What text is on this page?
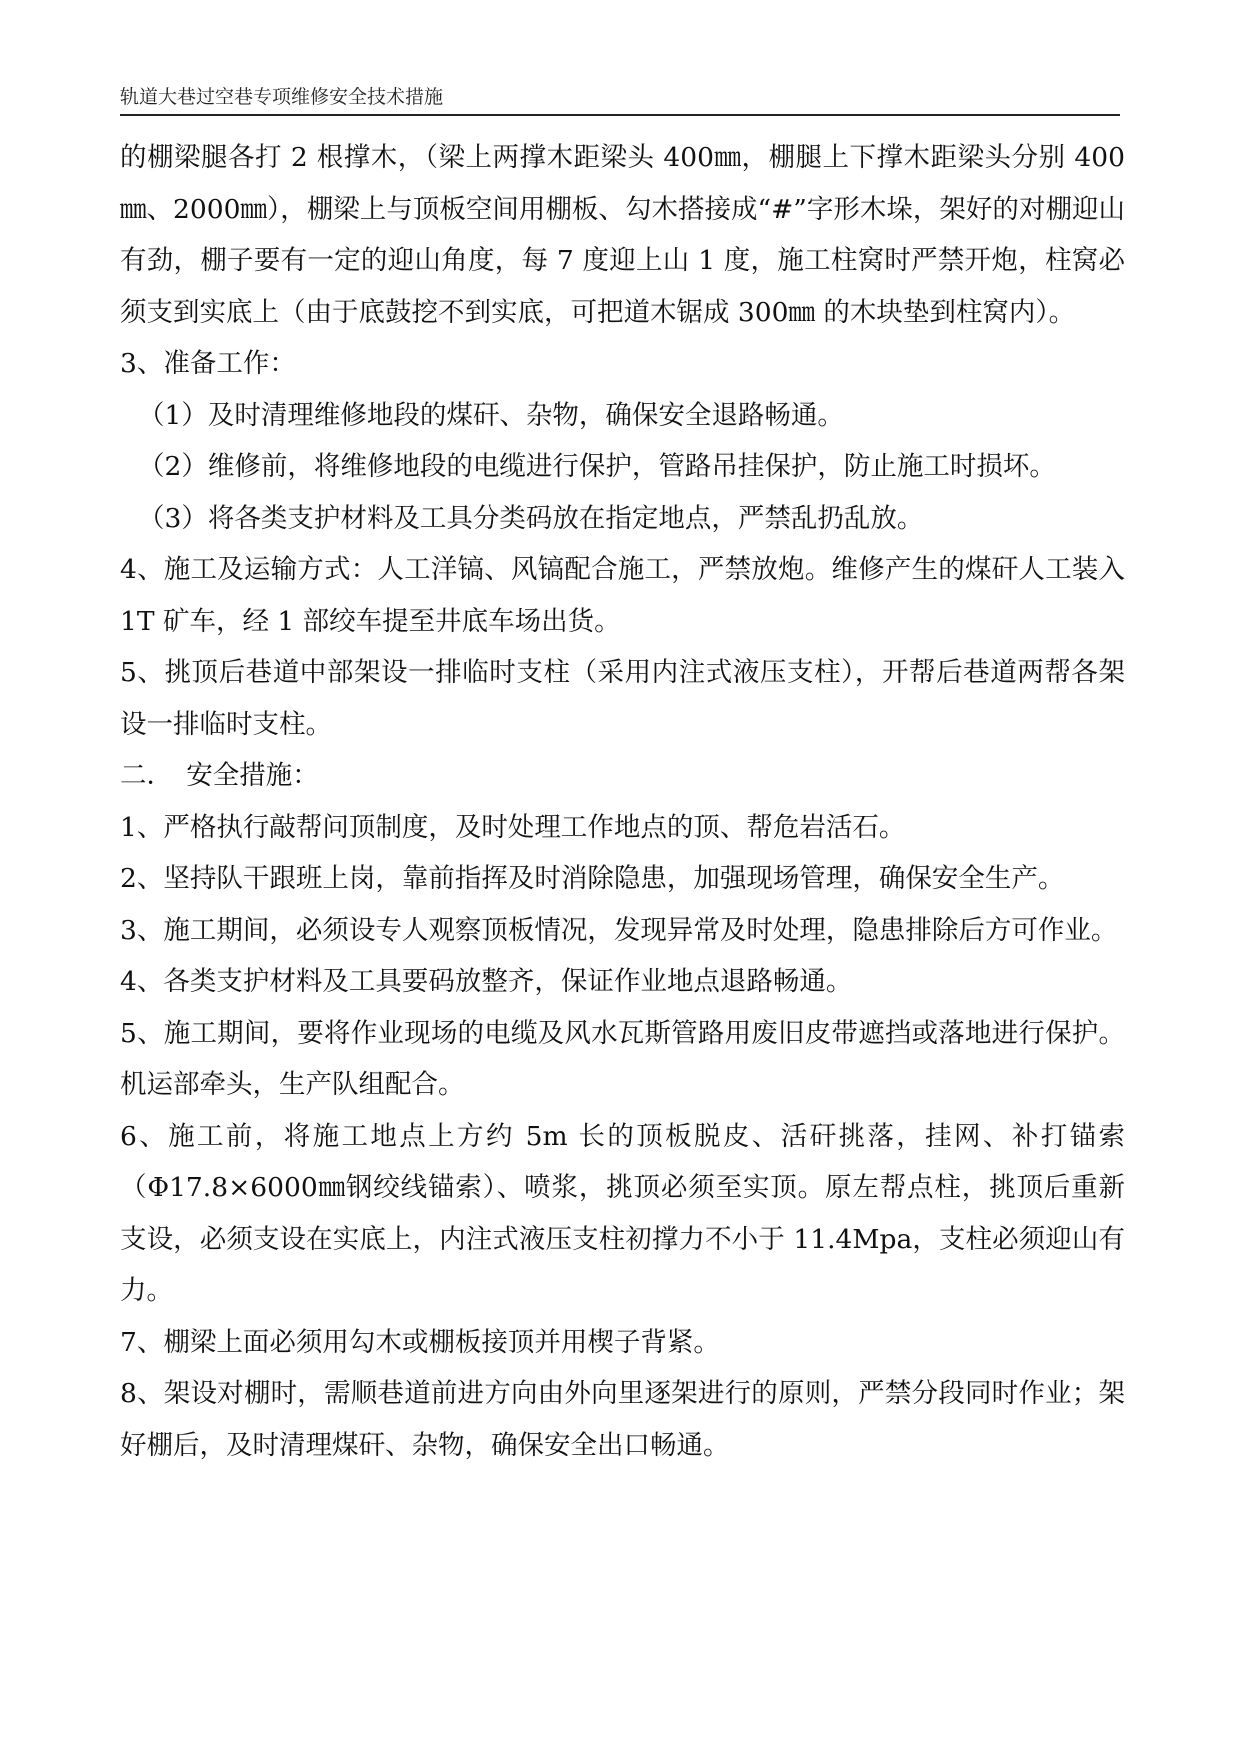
轨道大巷过空巷专项维修安全技术措施

的棚梁腿各打 2 根撑木，（梁上两撑木距梁头 400㎜，棚腿上下撑木距梁头分别 400㎜、2000㎜），棚梁上与顶板空间用棚板、勾木搭接成“#”字形木垛，架好的对棚迎山有劲，棚子要有一定的迎山角度，每 7 度迎上山 1 度，施工柱窝时严禁开炮，柱窝必须支到实底上（由于底鼓挖不到实底，可把道木锯成 300㎜ 的木块垫到柱窝内）。

3、准备工作：

（1）及时清理维修地段的煤矸、杂物，确保安全退路畅通。

（2）维修前，将维修地段的电缆进行保护，管路吊挂保护，防止施工时损坏。

（3）将各类支护材料及工具分类码放在指定地点，严禁乱扔乱放。

4、施工及运输方式：人工洋镐、风镐配合施工，严禁放炮。维修产生的煤矸人工装入 1T 矿车，经 1 部绞车提至井底车场出货。

5、挑顶后巷道中部架设一排临时支柱（采用内注式液压支柱），开帮后巷道两帮各架设一排临时支柱。

二．　安全措施：

1、严格执行敲帮问顶制度，及时处理工作地点的顶、帮危岩活石。

2、坚持队干跟班上岗，靠前指挥及时消除隐患，加强现场管理，确保安全生产。

3、施工期间，必须设专人观察顶板情况，发现异常及时处理，隐患排除后方可作业。

4、各类支护材料及工具要码放整齐，保证作业地点退路畅通。

5、施工期间，要将作业现场的电缆及风水瓦斯管路用废旧皮带遮挡或落地进行保护。机运部牵头，生产队组配合。

6、施工前，将施工地点上方约 5m 长的顶板脱皮、活矸挑落，挂网、补打锚索（Φ17.8×6000㎜钢绞线锚索）、喷浆，挑顶必须至实顶。原左帮点柱，挑顶后重新支设，必须支设在实底上，内注式液压支柱初撑力不小于 11.4Mpa，支柱必须迎山有力。

7、棚梁上面必须用勾木或棚板接顶并用楔子背紧。

8、架设对棚时，需顺巷道前进方向由外向里逐架进行的原则，严禁分段同时作业；架好棚后，及时清理煤矸、杂物，确保安全出口畅通。
